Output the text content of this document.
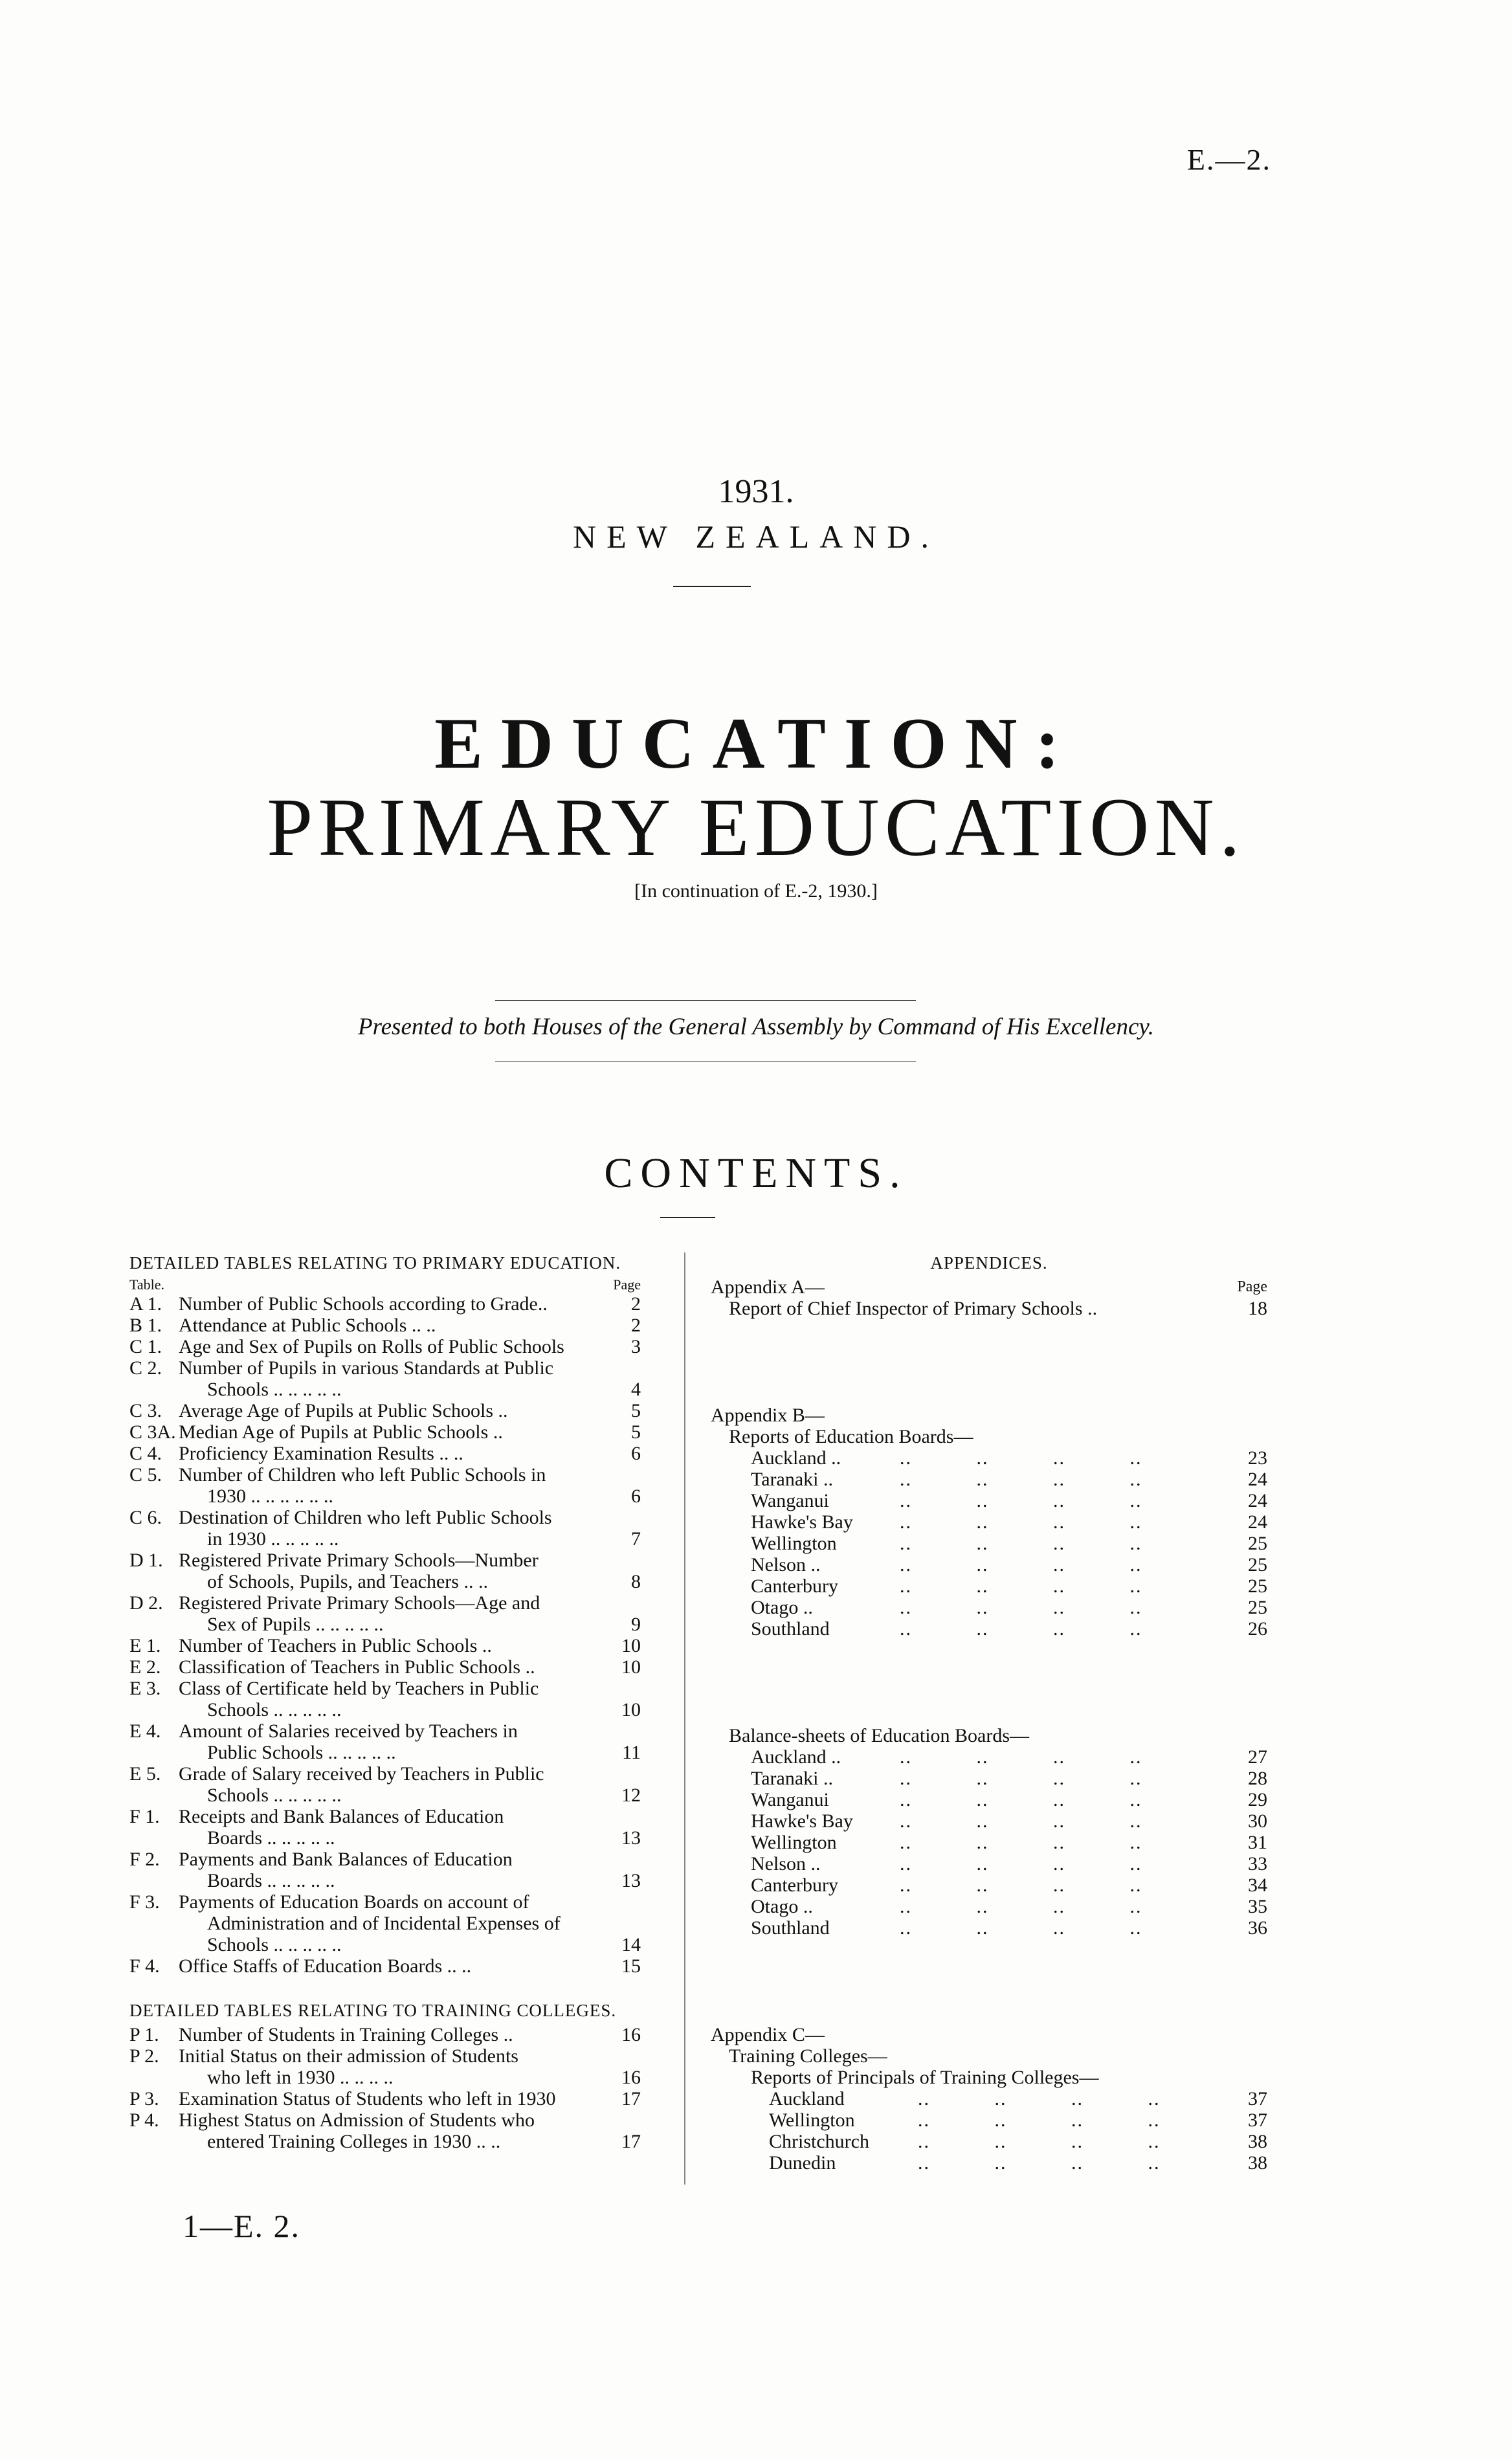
E.—2.
1931.
NEW ZEALAND.
EDUCATION:
PRIMARY EDUCATION.
[In continuation of E.-2, 1930.]
Presented to both Houses of the General Assembly by Command of His Excellency.
CONTENTS.
DETAILED TABLES RELATING TO PRIMARY EDUCATION.
Table.	Page
A 1. Number of Public Schools according to Grade..	2
B 1. Attendance at Public Schools .. ..	2
C 1. Age and Sex of Pupils on Rolls of Public Schools	3
C 2. Number of Pupils in various Standards at Public
Schools .. .. .. .. ..	4
C 3. Average Age of Pupils at Public Schools ..	5
C 3A. Median Age of Pupils at Public Schools ..	5
C 4. Proficiency Examination Results .. ..	6
C 5. Number of Children who left Public Schools in
1930 .. .. .. .. .. ..	6
C 6. Destination of Children who left Public Schools
in 1930 .. .. .. .. ..	7
D 1. Registered Private Primary Schools—Number
of Schools, Pupils, and Teachers .. ..	8
D 2. Registered Private Primary Schools—Age and
Sex of Pupils .. .. .. .. ..	9
E 1. Number of Teachers in Public Schools ..	10
E 2. Classification of Teachers in Public Schools ..	10
E 3. Class of Certificate held by Teachers in Public
Schools .. .. .. .. ..	10
E 4. Amount of Salaries received by Teachers in
Public Schools .. .. .. .. ..	11
E 5. Grade of Salary received by Teachers in Public
Schools .. .. .. .. ..	12
F 1. Receipts and Bank Balances of Education
Boards .. .. .. .. ..	13
F 2. Payments and Bank Balances of Education
Boards .. .. .. .. ..	13
F 3. Payments of Education Boards on account of
Administration and of Incidental Expenses of
Schools .. .. .. .. ..	14
F 4. Office Staffs of Education Boards .. ..	15
DETAILED TABLES RELATING TO TRAINING COLLEGES.
P 1.	Number of Students in Training Colleges ..	16
P 2.	Initial Status on their admission of Students
who left in 1930 .. .. .. ..	16
P 3.	Examination Status of Students who left in 1930	17
P 4.	Highest Status on Admission of Students who
entered Training Colleges in 1930 .. ..	17
APPENDICES.
Appendix A—	Page
Report of Chief Inspector of Primary Schools ..	18
Appendix B—
Reports of Education Boards—
Auckland ..	.. .. .. ..	23
Taranaki ..	.. .. .. ..	24
Wanganui	.. .. .. ..	24
Hawke's Bay	.. .. .. ..	24
Wellington	.. .. .. ..	25
Nelson ..	.. .. .. ..	25
Canterbury	.. .. .. ..	25
Otago ..	.. .. .. ..	25
Southland	.. .. .. ..	26
Balance-sheets of Education Boards—
Auckland ..	.. .. .. ..	27
Taranaki ..	.. .. .. ..	28
Wanganui	.. .. .. ..	29
Hawke's Bay	.. .. .. ..	30
Wellington	.. .. .. ..	31
Nelson ..	.. .. .. ..	33
Canterbury	.. .. .. ..	34
Otago ..	.. .. .. ..	35
Southland	.. .. .. ..	36
Appendix C—
Training Colleges—
Reports of Principals of Training Colleges—
Auckland	.. .. .. ..	37
Wellington	.. .. .. ..	37
Christchurch	.. .. .. ..	38
Dunedin	.. .. .. ..	38
1—E. 2.
